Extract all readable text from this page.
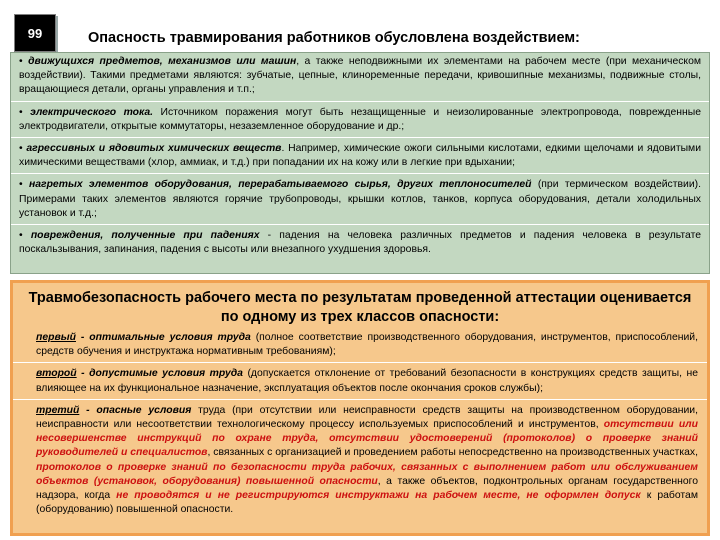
99	Опасность травмирования работников обусловлена воздействием:
• движущихся предметов, механизмов или машин, а также неподвижными их элементами на рабочем месте (при механическом воздействии). Такими предметами являются: зубчатые, цепные, клиноременные передачи, кривошипные механизмы, подвижные столы, вращающиеся детали, органы управления и т.п.;
• электрического тока. Источником поражения могут быть незащищенные и неизолированные электропровода, поврежденные электродвигатели, открытые коммутаторы, незаземленное оборудование и др.;
• агрессивных и ядовитых химических веществ. Например, химические ожоги сильными кислотами, едкими щелочами и ядовитыми химическими веществами (хлор, аммиак, и т.д.) при попадании их на кожу или в легкие при вдыхании;
• нагретых элементов оборудования, перерабатываемого сырья, других теплоносителей (при термическом воздействии). Примерами таких элементов являются горячие трубопроводы, крышки котлов, танков, корпуса оборудования, детали холодильных установок и т.д.;
• повреждения, полученные при падениях - падения на человека различных предметов и падения человека в результате поскальзывания, запинания, падения с высоты или внезапного ухудшения здоровья.
Травмобезопасность рабочего места по результатам проведенной аттестации оценивается по одному из трех классов опасности:
первый - оптимальные условия труда (полное соответствие производственного оборудования, инструментов, приспособлений, средств обучения и инструктажа нормативным требованиям);
второй - допустимые условия труда (допускается отклонение от требований безопасности в конструкциях средств защиты, не влияющее на их функциональное назначение, эксплуатация объектов после окончания сроков службы);
третий - опасные условия труда (при отсутствии или неисправности средств защиты на производственном оборудовании, неисправности или несоответствии технологическому процессу используемых приспособлений и инструментов, отсутствии или несовершенстве инструкций по охране труда, отсутствии удостоверений (протоколов) о проверке знаний руководителей и специалистов, связанных с организацией и проведением работы непосредственно на производственных участках, протоколов о проверке знаний по безопасности труда рабочих, связанных с выполнением работ или обслуживанием объектов (установок, оборудования) повышенной опасности, а также объектов, подконтрольных органам государственного надзора, когда не проводятся и не регистрируются инструктажи на рабочем месте, не оформлен допуск к работам (оборудованию) повышенной опасности.
